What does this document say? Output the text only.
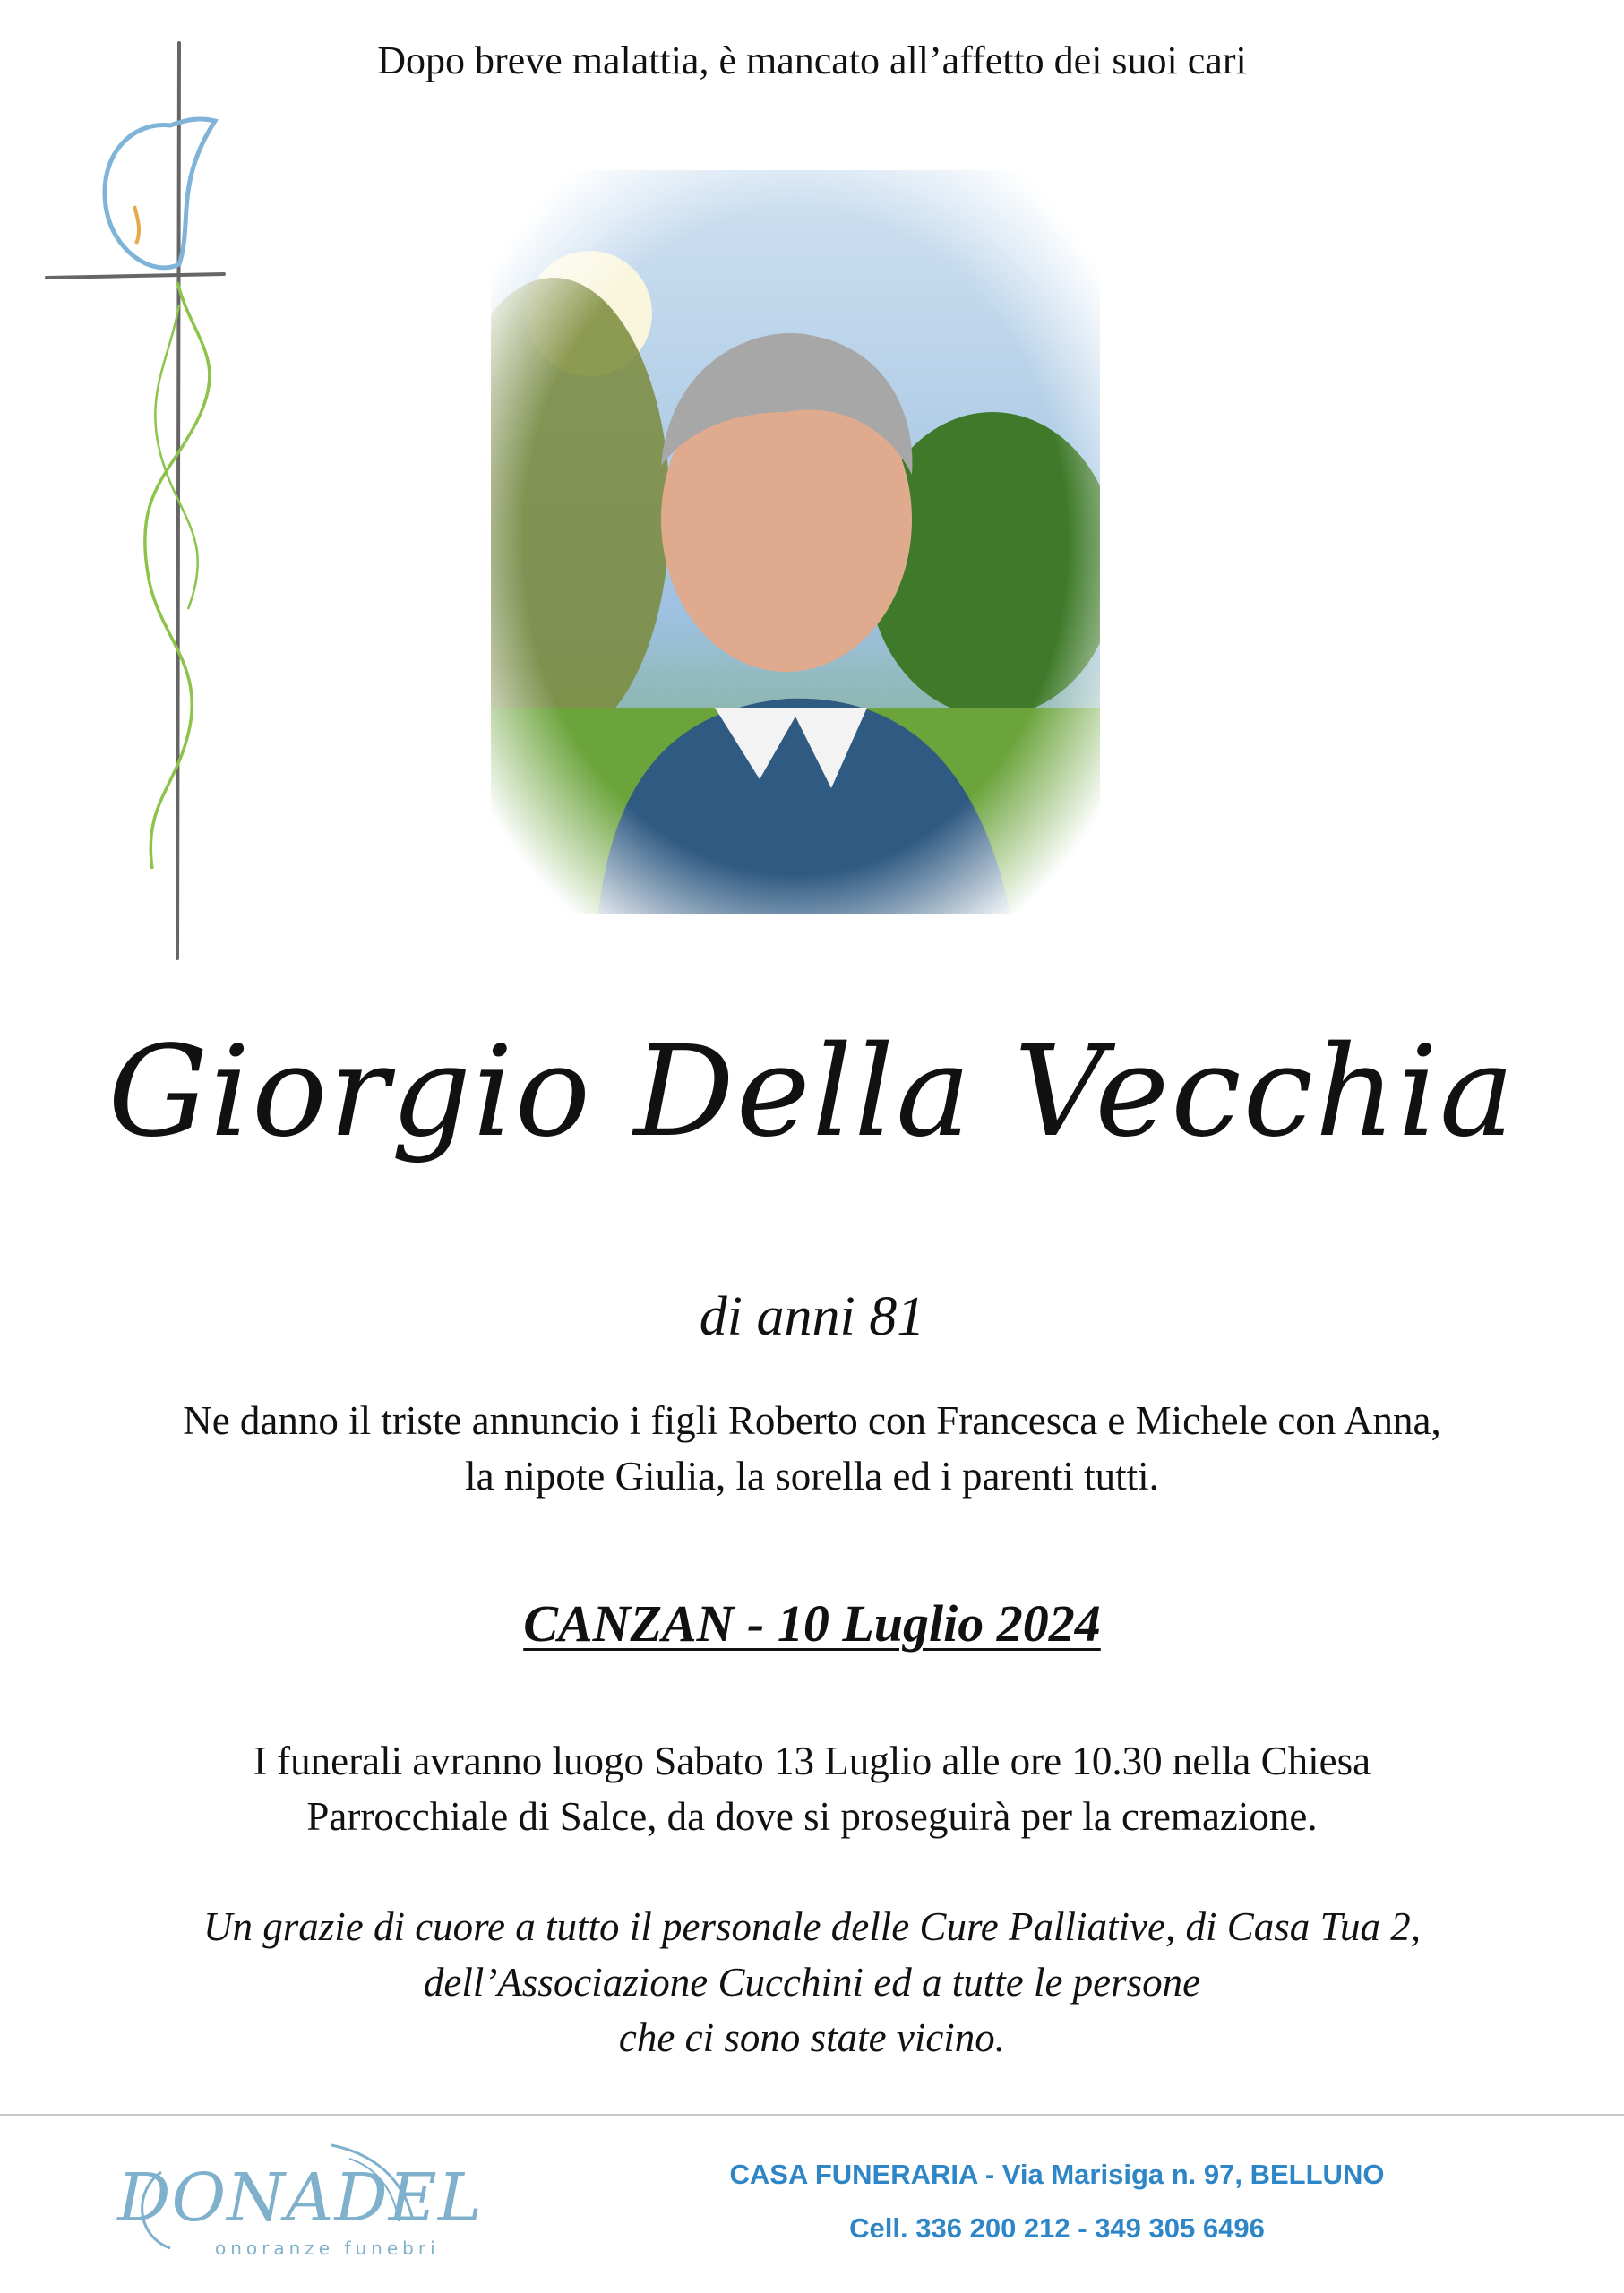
Dopo breve malattia, è mancato all’affetto dei suoi cari
Giorgio Della Vecchia
di anni 81
Ne danno il triste annuncio i figli Roberto con Francesca e Michele con Anna,
la nipote Giulia, la sorella ed i parenti tutti.
CANZAN - 10 Luglio 2024
I funerali avranno luogo Sabato 13 Luglio alle ore 10.30 nella Chiesa
Parrocchiale di Salce, da dove si proseguirà per la cremazione.
Un grazie di cuore a tutto il personale delle Cure Palliative, di Casa Tua 2,
dell’Associazione Cucchini ed a tutte le persone
che ci sono state vicino.
DONADEL
onoranze funebri
CASA FUNERARIA - Via Marisiga n. 97, BELLUNO
Cell. 336 200 212 - 349 305 6496
